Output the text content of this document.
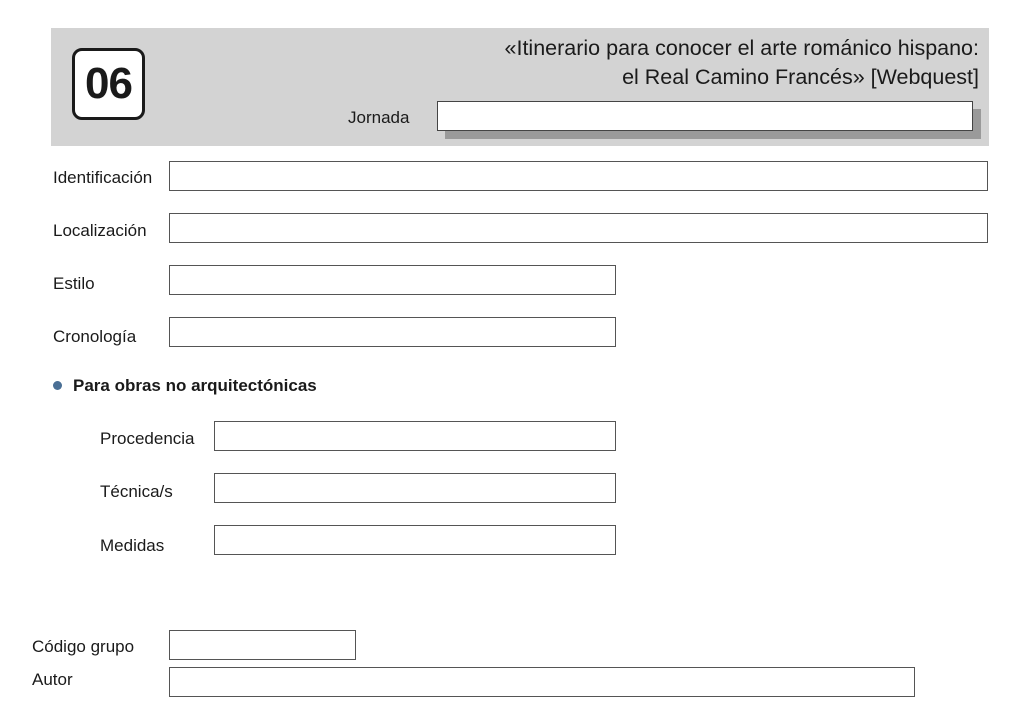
06
«Itinerario para conocer el arte románico hispano:
el Real Camino Francés» [Webquest]
Jornada
Identificación
Localización
Estilo
Cronología
Para obras no arquitectónicas
Procedencia
Técnica/s
Medidas
Código grupo
Autor
